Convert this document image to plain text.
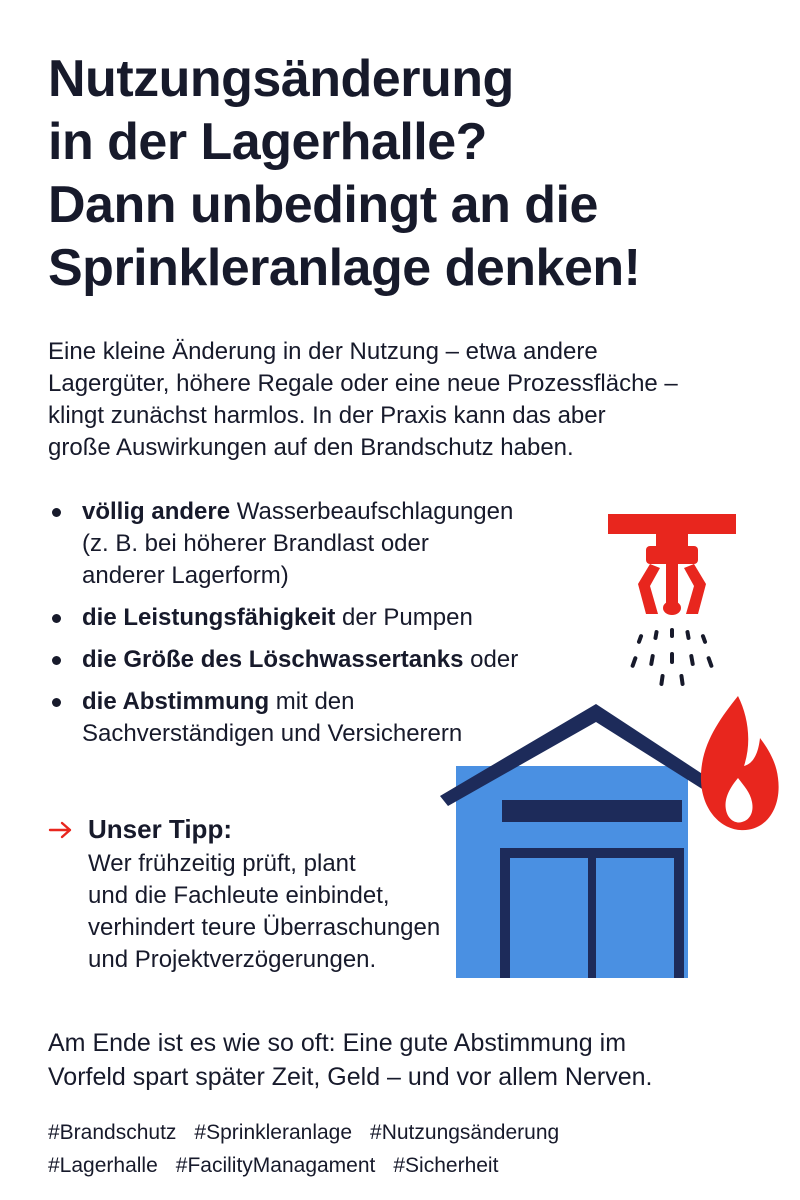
Nutzungsänderung
in der Lagerhalle?
Dann unbedingt an die
Sprinkleranlage denken!
Eine kleine Änderung in der Nutzung – etwa andere
Lagergüter, höhere Regale oder eine neue Prozessfläche –
klingt zunächst harmlos. In der Praxis kann das aber
große Auswirkungen auf den Brandschutz haben.
völlig andere Wasserbeaufschlagungen
(z. B. bei höherer Brandlast oder
anderer Lagerform)
die Leistungsfähigkeit der Pumpen
die Größe des Löschwassertanks oder
die Abstimmung mit den
Sachverständigen und Versicherern
Unser Tipp:
Wer frühzeitig prüft, plant
und die Fachleute einbindet,
verhindert teure Überraschungen
und Projektverzögerungen.
Am Ende ist es wie so oft: Eine gute Abstimmung im
Vorfeld spart später Zeit, Geld – und vor allem Nerven.
#Brandschutz #Sprinkleranlage #Nutzungsänderung
#Lagerhalle #FacilityManagament #Sicherheit
